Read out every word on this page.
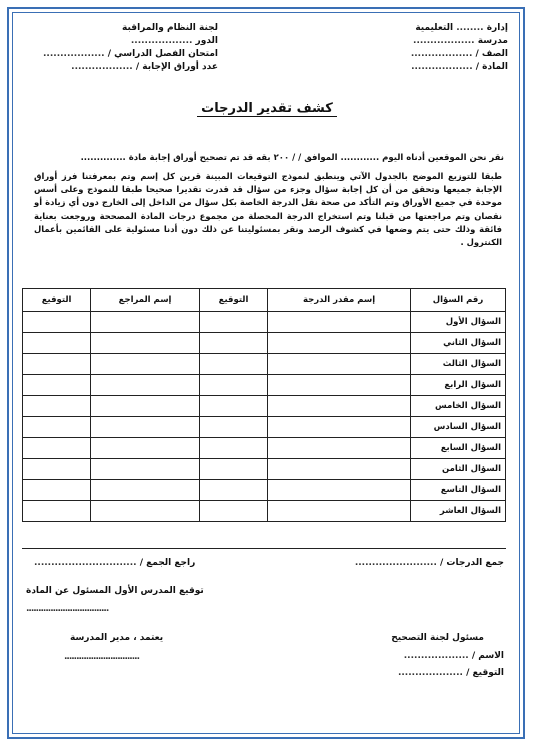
إدارة ........ التعليمية
مدرسة ..................
الصف / ..................
المادة / ..................
لجنة النظام والمراقبة
الدور ..................
امتحان الفصل الدراسي / ..................
عدد أوراق الإجابة / ..................
كشف تقدير الدرجات
نقر نحن الموقعين أدناه اليوم ............ الموافق / / ٢٠٠ بقه قد تم تصحيح أوراق إجابة مادة ..............
طبقا للتوزيع الموضح بالجدول الآتي وينطبق لنموذج التوقيعات المبينة قرين كل إسم وتم بمعرفتنا فرز أوراق الإجابة جميعها وتحقق من أن كل إجابة سؤال وجزء من سؤال قد قدرت تقديرا صحيحا طبقا للنموذج وعلى أسس موحدة في جميع الأوراق وتم التأكد من صحة نقل الدرجة الخاصة بكل سؤال من الداخل إلى الخارج دون أي زيادة أو نقصان وتم مراجعتها من قبلنا وتم استخراج الدرجة المحصلة من مجموع درجات المادة المصححة وروجعت بعناية فائقة وذلك حتى يتم وضعها في كشوف الرصد ونقر بمسئوليتنا عن ذلك دون أدنا مسئولية على القائمين بأعمال الكنترول .
رقم السؤال	إسم مقدر الدرجة	التوقيع	إسم المراجع	التوقيع
السؤال الأول				
السؤال الثاني				
السؤال الثالث				
السؤال الرابع				
السؤال الخامس				
السؤال السادس				
السؤال السابع				
السؤال الثامن				
السؤال التاسع				
السؤال العاشر				
جمع الدرجات / ........................
راجع الجمع / ..............................
توقيع المدرس الأول المسئول عن المادة
..................................
يعتمد ، مدير المدرسة
...............................
مسئول لجنة التصحيح
الاسم / ...................
التوقيع / ...................
